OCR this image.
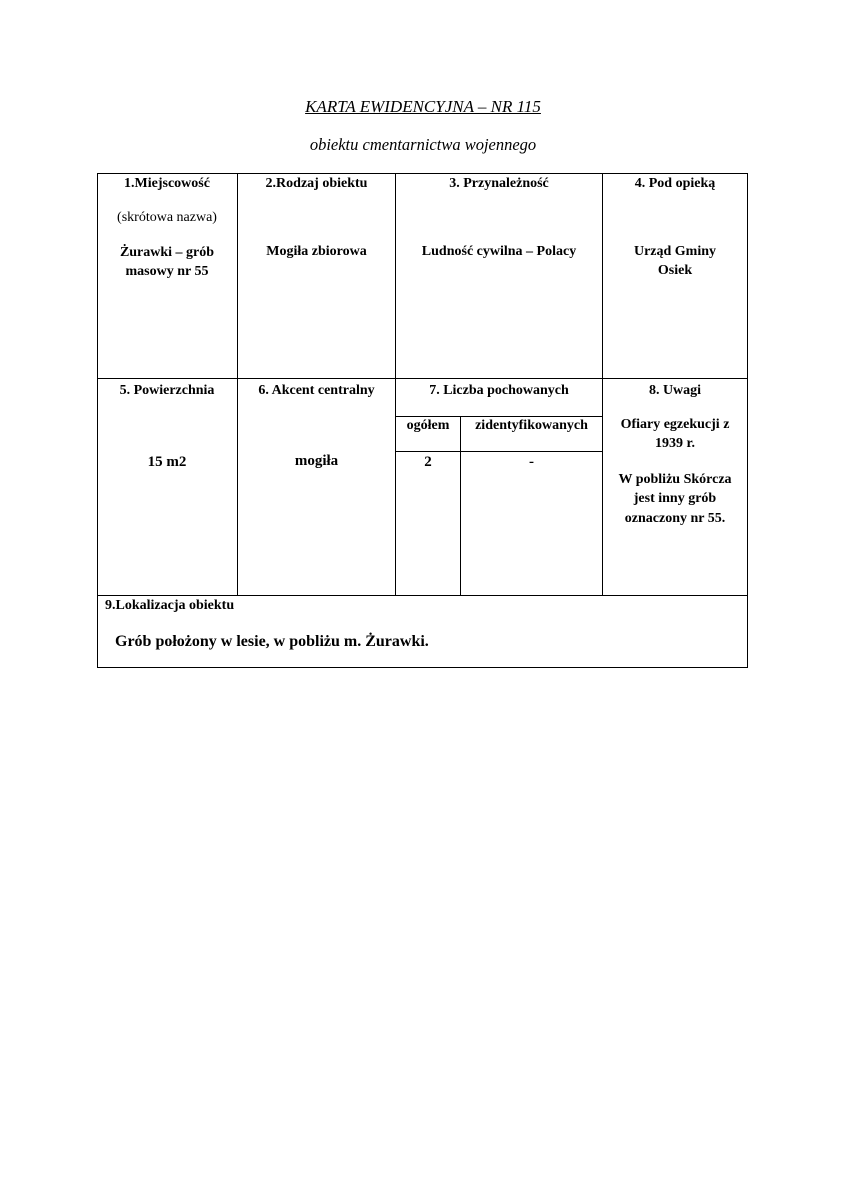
KARTA EWIDENCYJNA – NR 115
obiektu cmentarnictwa wojennego
1.Miejscowość
(skrótowa nazwa)
Żurawki – grób
masowy nr 55
2.Rodzaj obiektu
Mogiła zbiorowa
3. Przynależność
Ludność cywilna – Polacy
4. Pod opieką
Urząd Gminy
Osiek
5. Powierzchnia
15 m2
6. Akcent centralny
mogiła
7. Liczba pochowanych
ogółem	zidentyfikowanych
2	-
8. Uwagi
Ofiary egzekucji z
1939 r.
W pobliżu Skórcza
jest inny grób
oznaczony nr 55.
9.Lokalizacja obiektu
Grób położony w lesie, w pobliżu m. Żurawki.
